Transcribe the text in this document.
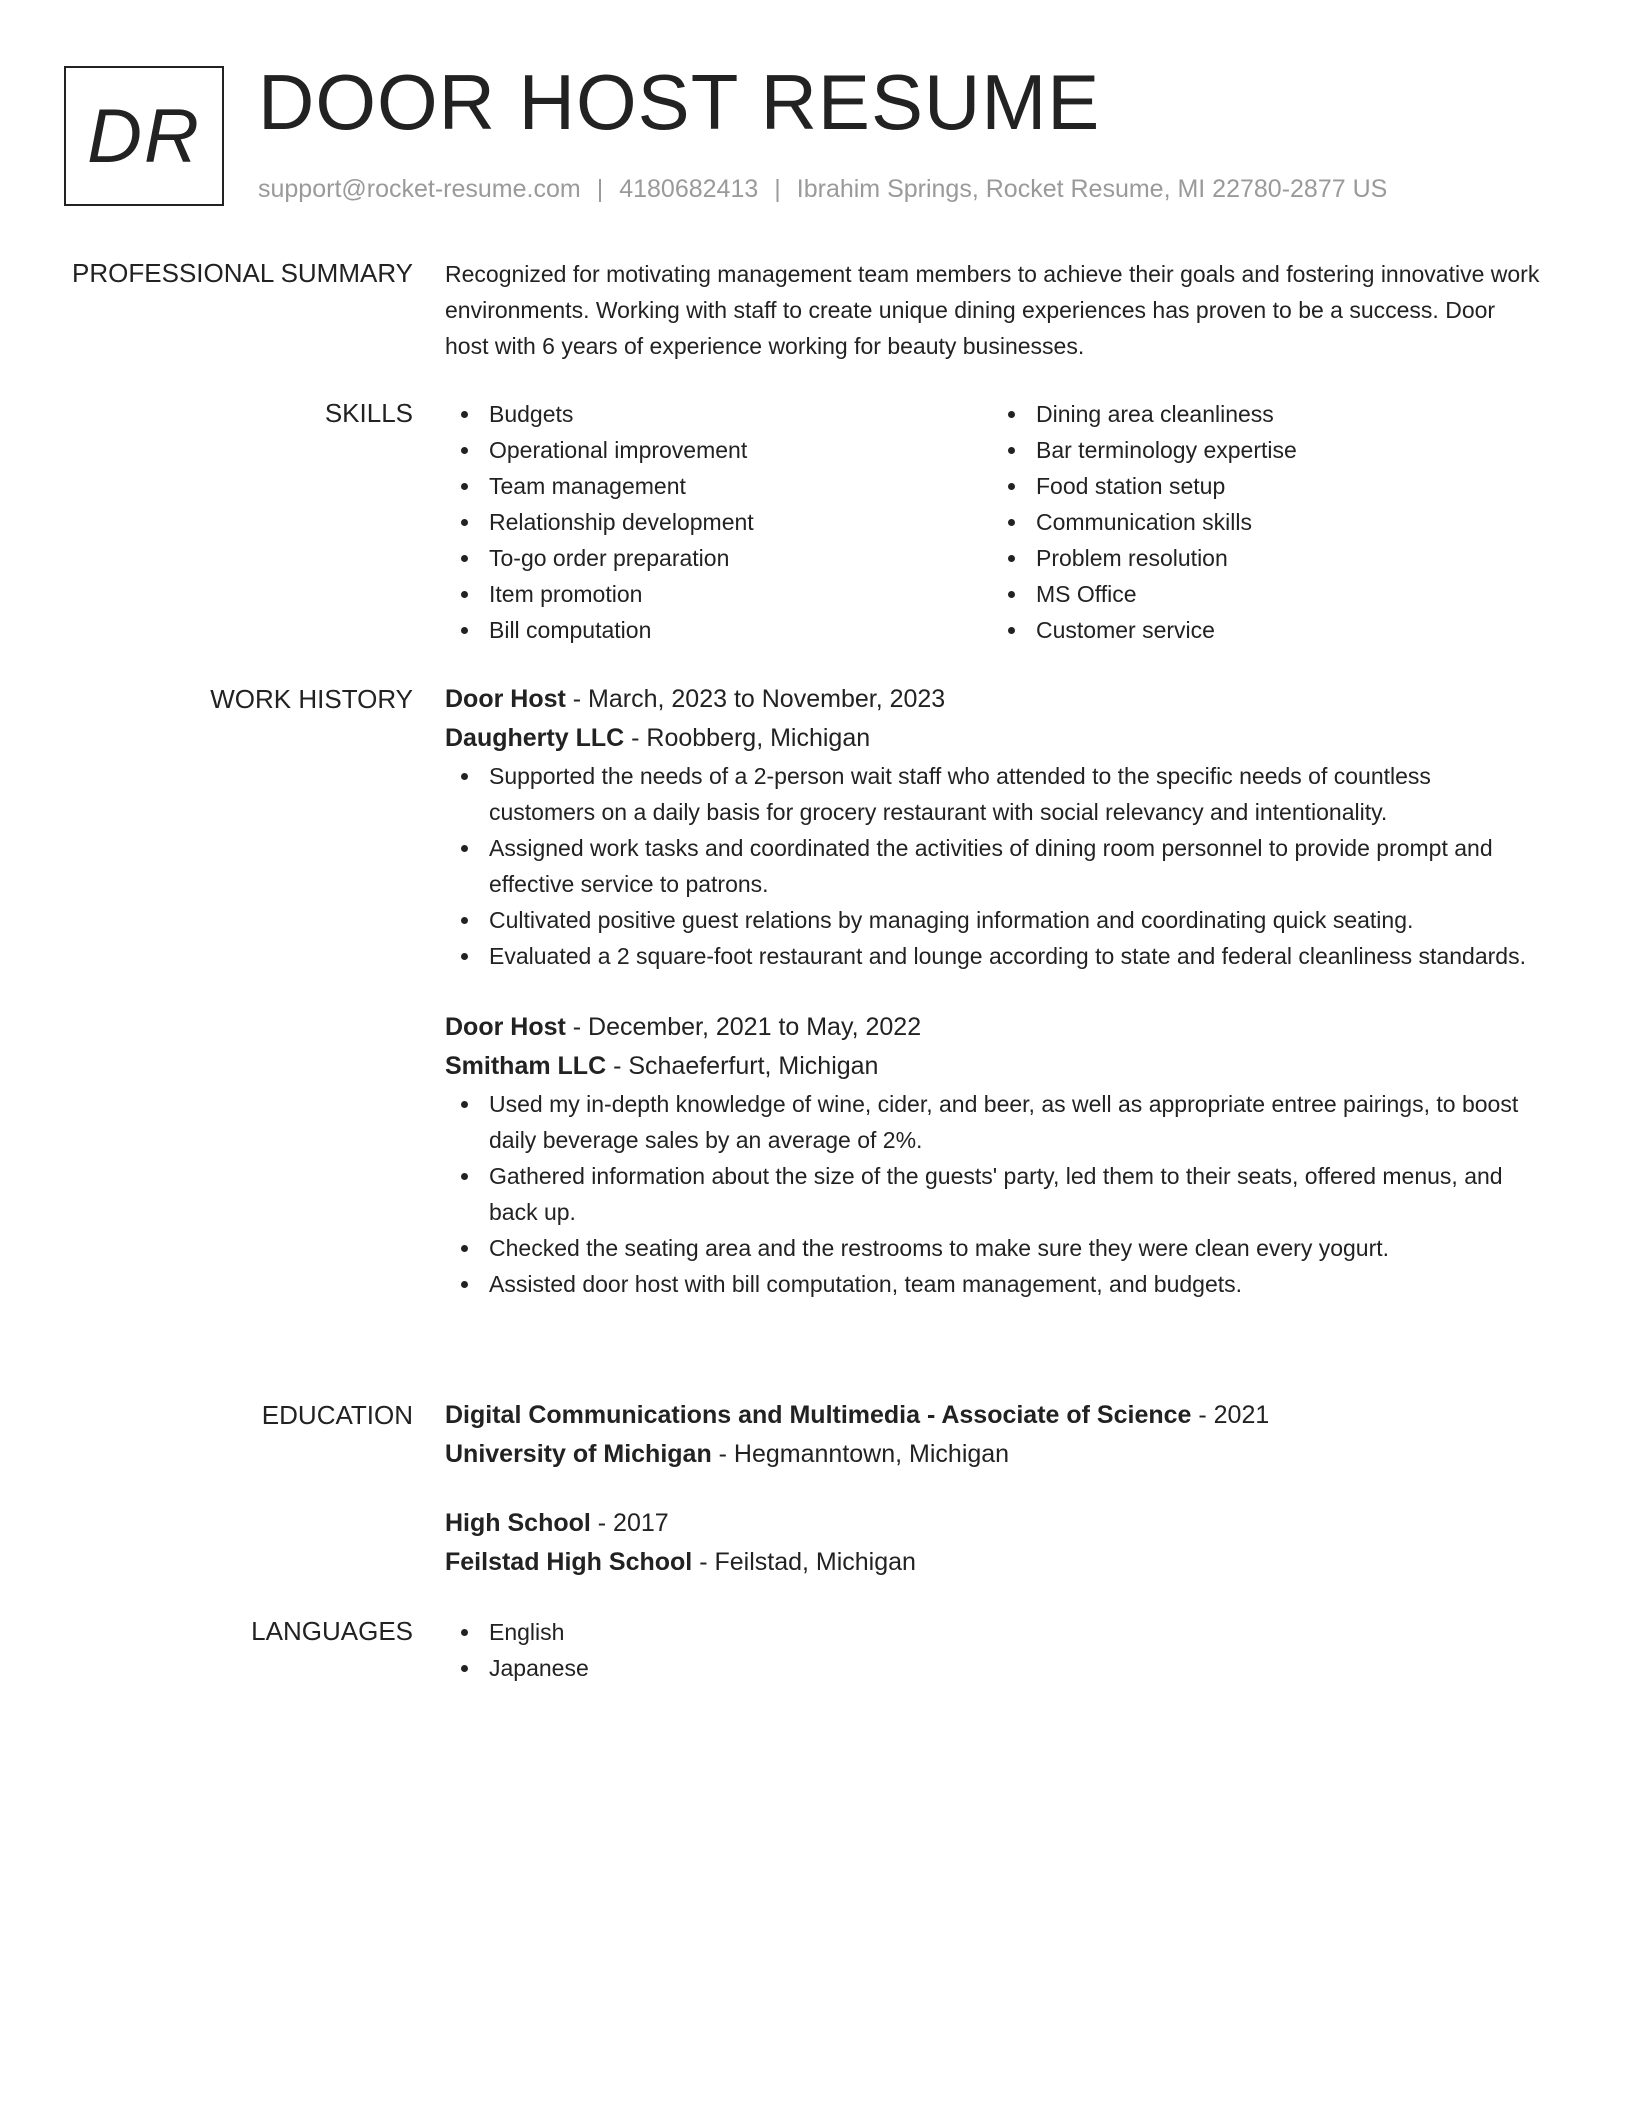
DR DOOR HOST RESUME
support@rocket-resume.com | 4180682413 | Ibrahim Springs, Rocket Resume, MI 22780-2877 US
PROFESSIONAL SUMMARY Recognized for motivating management team members to achieve their goals and fostering innovative work environments. Working with staff to create unique dining experiences has proven to be a success. Door host with 6 years of experience working for beauty businesses.

SKILLS	Budgets
Operational improvement
Team management
Relationship development
To-go order preparation
Item promotion
Bill computation
Dining area cleanliness
Bar terminology expertise
Food station setup
Communication skills
Problem resolution
MS Office
Customer service
WORK HISTORY Door Host - March, 2023 to November, 2023
Daugherty LLC - Roobberg, Michigan
Supported the needs of a 2-person wait staff who attended to the specific needs of countless customers on a daily basis for grocery restaurant with social relevancy and intentionality.
Assigned work tasks and coordinated the activities of dining room personnel to provide prompt and effective service to patrons.
Cultivated positive guest relations by managing information and coordinating quick seating.
Evaluated a 2 square-foot restaurant and lounge according to state and federal cleanliness standards.
Door Host - December, 2021 to May, 2022
Smitham LLC - Schaeferfurt, Michigan
Used my in-depth knowledge of wine, cider, and beer, as well as appropriate entree pairings, to boost daily beverage sales by an average of 2%.
Gathered information about the size of the guests' party, led them to their seats, offered menus, and back up.
Checked the seating area and the restrooms to make sure they were clean every yogurt.
Assisted door host with bill computation, team management, and budgets.
EDUCATION Digital Communications and Multimedia - Associate of Science - 2021
University of Michigan - Hegmanntown, Michigan
High School - 2017
Feilstad High School - Feilstad, Michigan
LANGUAGES	English
Japanese
